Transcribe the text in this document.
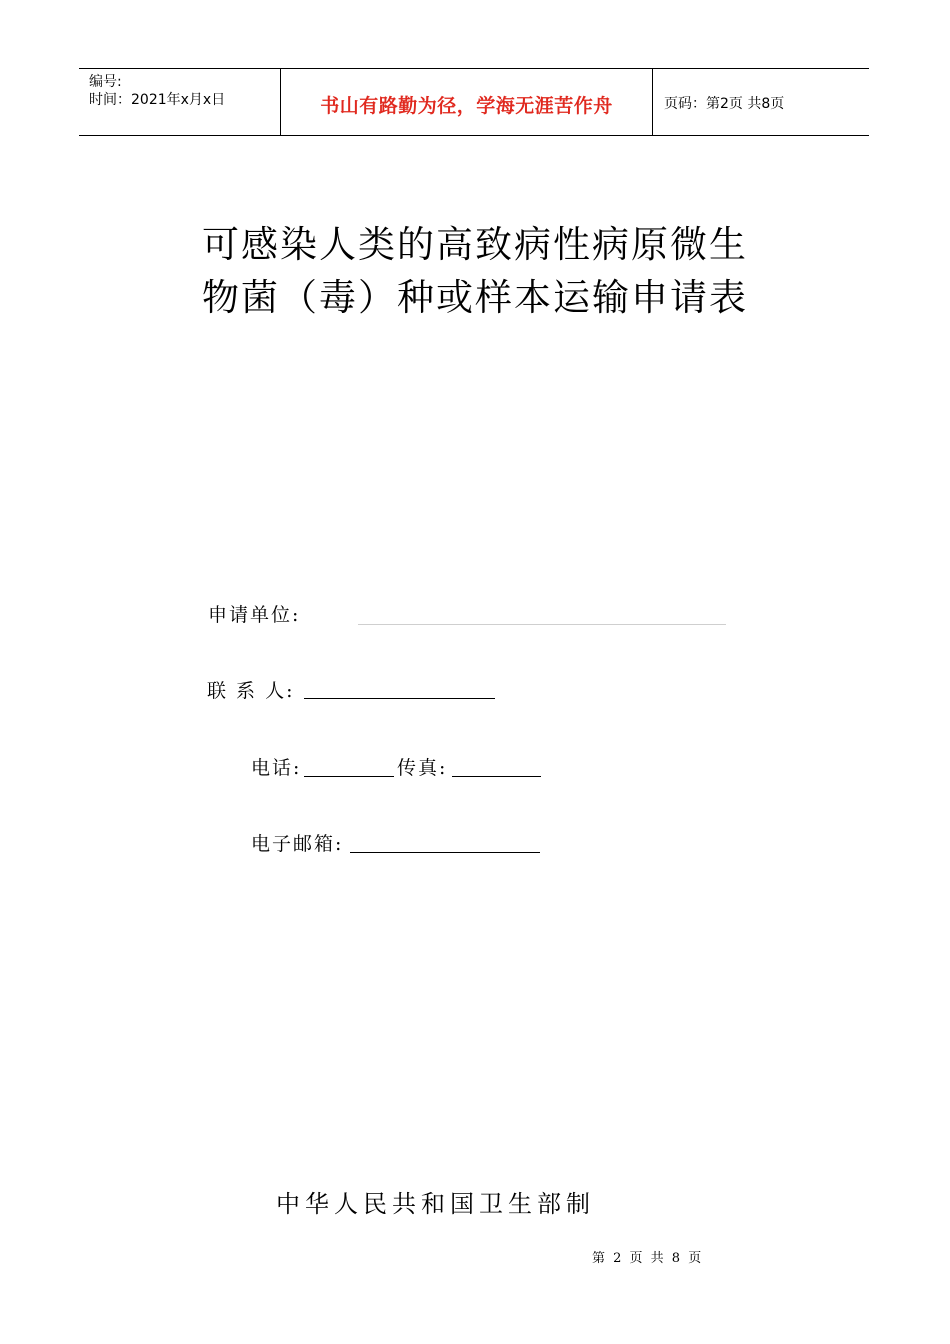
编号:
时间：2021年x月x日	书山有路勤为径，学海无涯苦作舟	页码：第2页 共8页
可感染人类的高致病性病原微生
物菌（毒）种或样本运输申请表
申请单位:
联 系 人:
电话:	传真:
电子邮箱:
中华人民共和国卫生部制
第 2 页 共 8 页
